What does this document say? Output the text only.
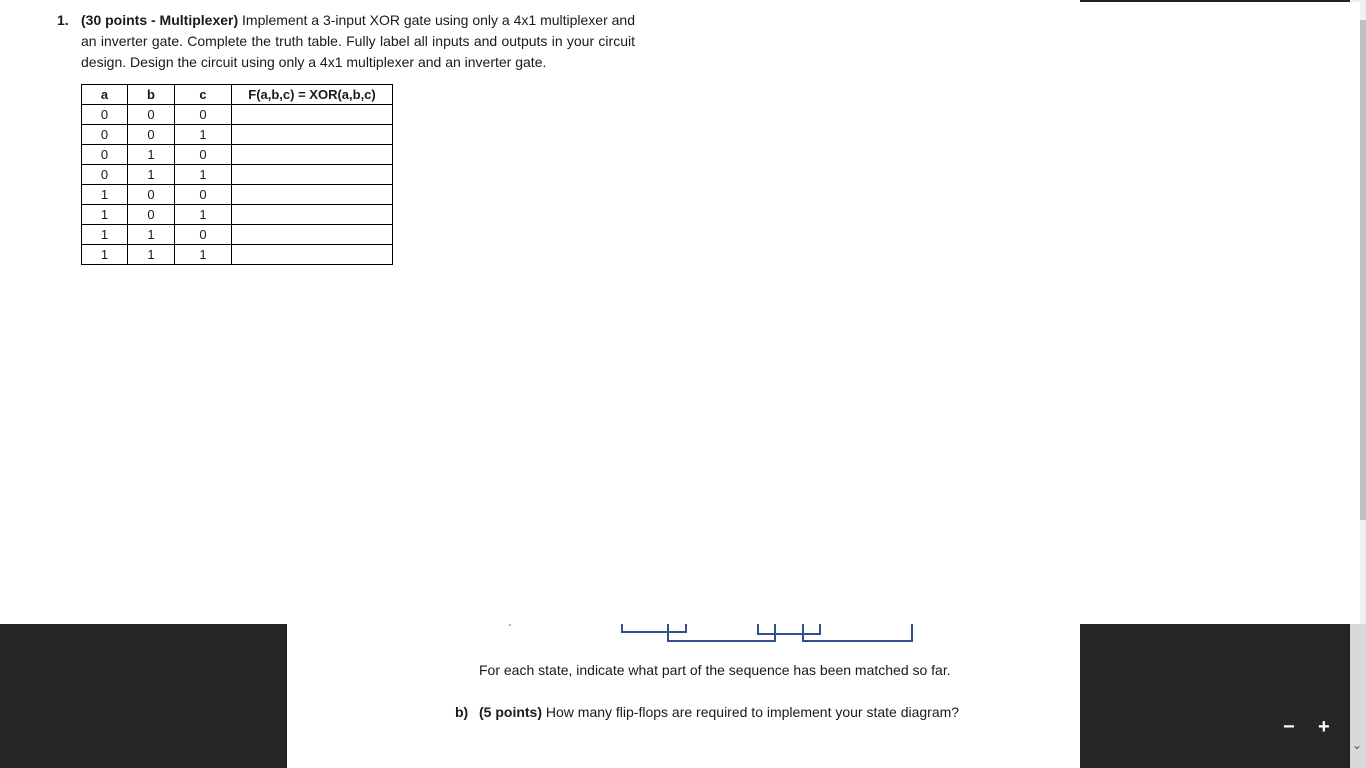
For each state, indicate what part of the sequence has been matched so far.
b) (5 points) How many flip-flops are required to implement your state diagram?
1. (30 points - Multiplexer) Implement a 3-input XOR gate using only a 4x1 multiplexer and an inverter gate. Complete the truth table. Fully label all inputs and outputs in your circuit design. Design the circuit using only a 4x1 multiplexer and an inverter gate.
a	b	c	F(a,b,c) = XOR(a,b,c)
0	0	0	
0	0	1	
0	1	0	
0	1	1	
1	0	0	
1	0	1	
1	1	0	
1	1	1	
− +
⌄
